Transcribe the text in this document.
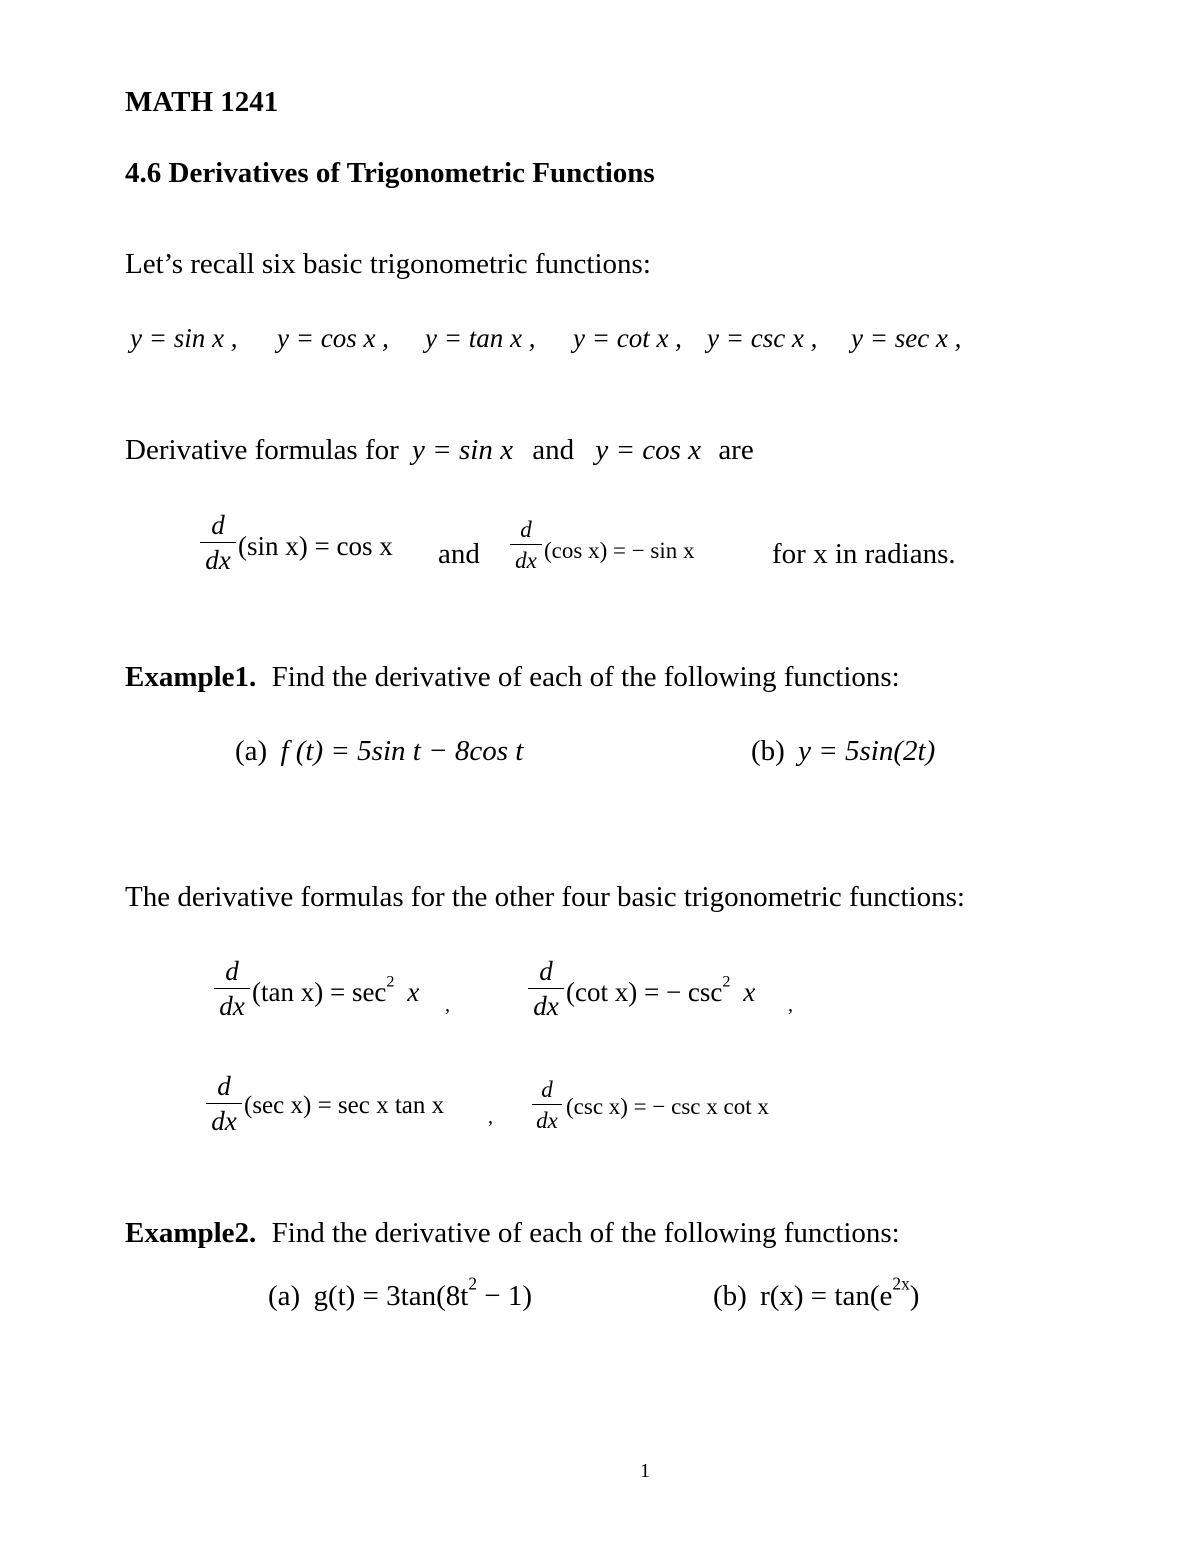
MATH 1241
4.6 Derivatives of Trigonometric Functions
Let’s recall six basic trigonometric functions:
y = sin x , y = cos x , y = tan x , y = cot x , y = csc x , y = sec x ,
Derivative formulas for y = sin x and y = cos x are
d
dx (sin x) = cos x and
d
dx (cos x) = − sin x	for x in radians.
Example1. Find the derivative of each of the following functions:
(a) f (t) = 5sin t − 8cos t	(b) y = 5sin(2t)
The derivative formulas for the other four basic trigonometric functions:
d
dx (tan $x) = \sec^2 x$ ,
d
dx (cot x) = − $\csc^2 x$ ,
d
dx
(sec x) = sec x tan x ,
d
dx
(csc x) = − csc x cot x
Example2. Find the derivative of each of the following functions:
(a) $g(t) = 3\tan(8t^2 - 1)$	(b) $r(x) = \tan(e^{2x})$
1
